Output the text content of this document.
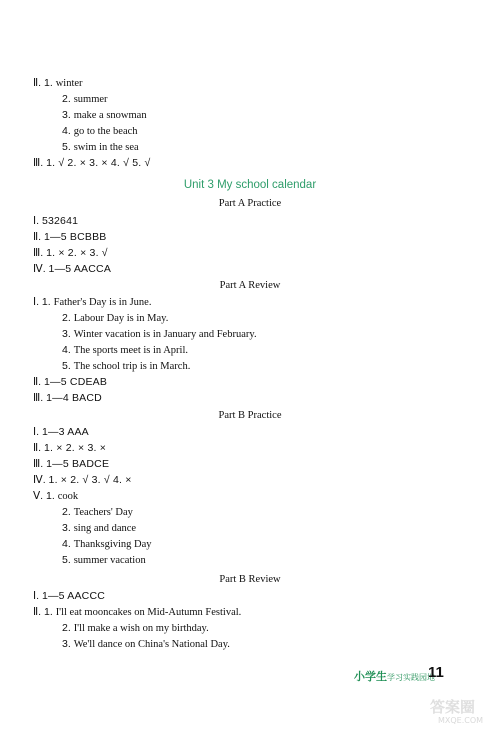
Ⅱ. 1. winter
2. summer
3. make a snowman
4. go to the beach
5. swim in the sea
Ⅲ. 1. √ 2. × 3. × 4. √ 5. √
Unit 3 My school calendar
Part A Practice
Ⅰ. 532641
Ⅱ. 1—5 BCBBB
Ⅲ. 1. × 2. × 3. √
Ⅳ. 1—5 AACCA
Part A Review
Ⅰ. 1. Father's Day is in June.
2. Labour Day is in May.
3. Winter vacation is in January and February.
4. The sports meet is in April.
5. The school trip is in March.
Ⅱ. 1—5 CDEAB
Ⅲ. 1—4 BACD
Part B Practice
Ⅰ. 1—3 AAA
Ⅱ. 1. × 2. × 3. ×
Ⅲ. 1—5 BADCE
Ⅳ. 1. × 2. √ 3. √ 4. ×
Ⅴ. 1. cook
2. Teachers' Day
3. sing and dance
4. Thanksgiving Day
5. summer vacation
Part B Review
Ⅰ. 1—5 AACCC
Ⅱ. 1. I'll eat mooncakes on Mid-Autumn Festival.
2. I'll make a wish on my birthday.
3. We'll dance on China's National Day.
小学生学习实践园地
11
答案圈
MXQE.COM
